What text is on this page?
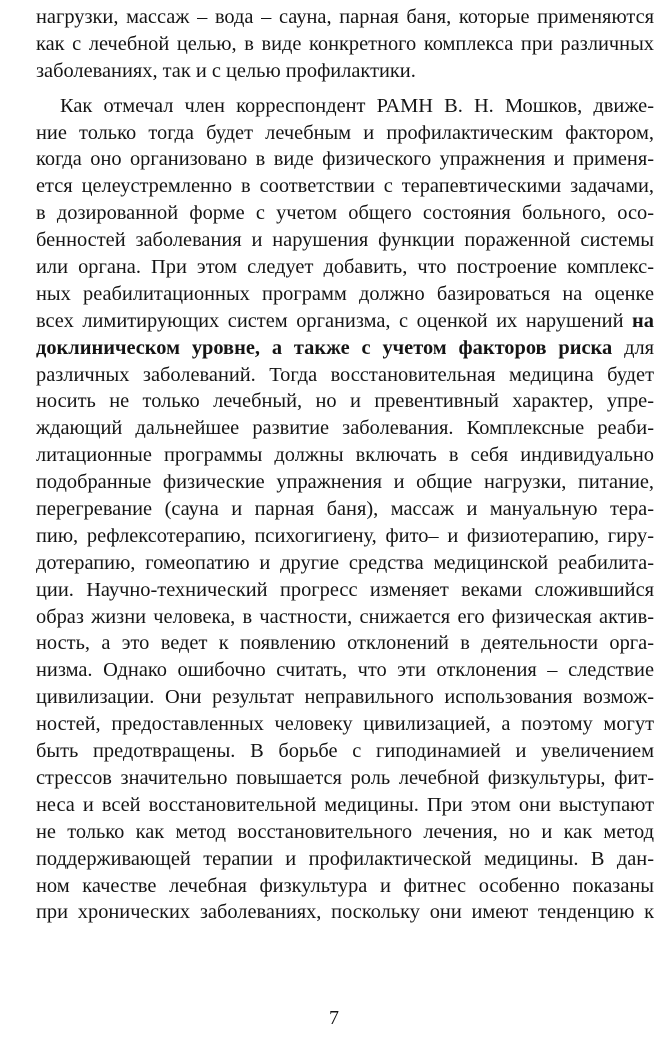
нагрузки, массаж – вода – сауна, парная баня, которые применяются
как с лечебной целью, в виде конкретного комплекса при различных
заболеваниях, так и с целью профилактики.
Как отмечал член корреспондент РАМН В. Н. Мошков, движе-
ние только тогда будет лечебным и профилактическим фактором,
когда оно организовано в виде физического упражнения и применя-
ется целеустремленно в соответствии с терапевтическими задачами,
в дозированной форме с учетом общего состояния больного, осо-
бенностей заболевания и нарушения функции пораженной системы
или органа. При этом следует добавить, что построение комплекс-
ных реабилитационных программ должно базироваться на оценке
всех лимитирующих систем организма, с оценкой их нарушений на
доклиническом уровне, а также с учетом факторов риска для
различных заболеваний. Тогда восстановительная медицина будет
носить не только лечебный, но и превентивный характер, упре-
ждающий дальнейшее развитие заболевания. Комплексные реаби-
литационные программы должны включать в себя индивидуально
подобранные физические упражнения и общие нагрузки, питание,
перегревание (сауна и парная баня), массаж и мануальную тера-
пию, рефлексотерапию, психогигиену, фито– и физиотерапию, гиру-
дотерапию, гомеопатию и другие средства медицинской реабилита-
ции. Научно-технический прогресс изменяет веками сложившийся
образ жизни человека, в частности, снижается его физическая актив-
ность, а это ведет к появлению отклонений в деятельности орга-
низма. Однако ошибочно считать, что эти отклонения – следствие
цивилизации. Они результат неправильного использования возмож-
ностей, предоставленных человеку цивилизацией, а поэтому могут
быть предотвращены. В борьбе с гиподинамией и увеличением
стрессов значительно повышается роль лечебной физкультуры, фит-
неса и всей восстановительной медицины. При этом они выступают
не только как метод восстановительного лечения, но и как метод
поддерживающей терапии и профилактической медицины. В дан-
ном качестве лечебная физкультура и фитнес особенно показаны
при хронических заболеваниях, поскольку они имеют тенденцию к
7
